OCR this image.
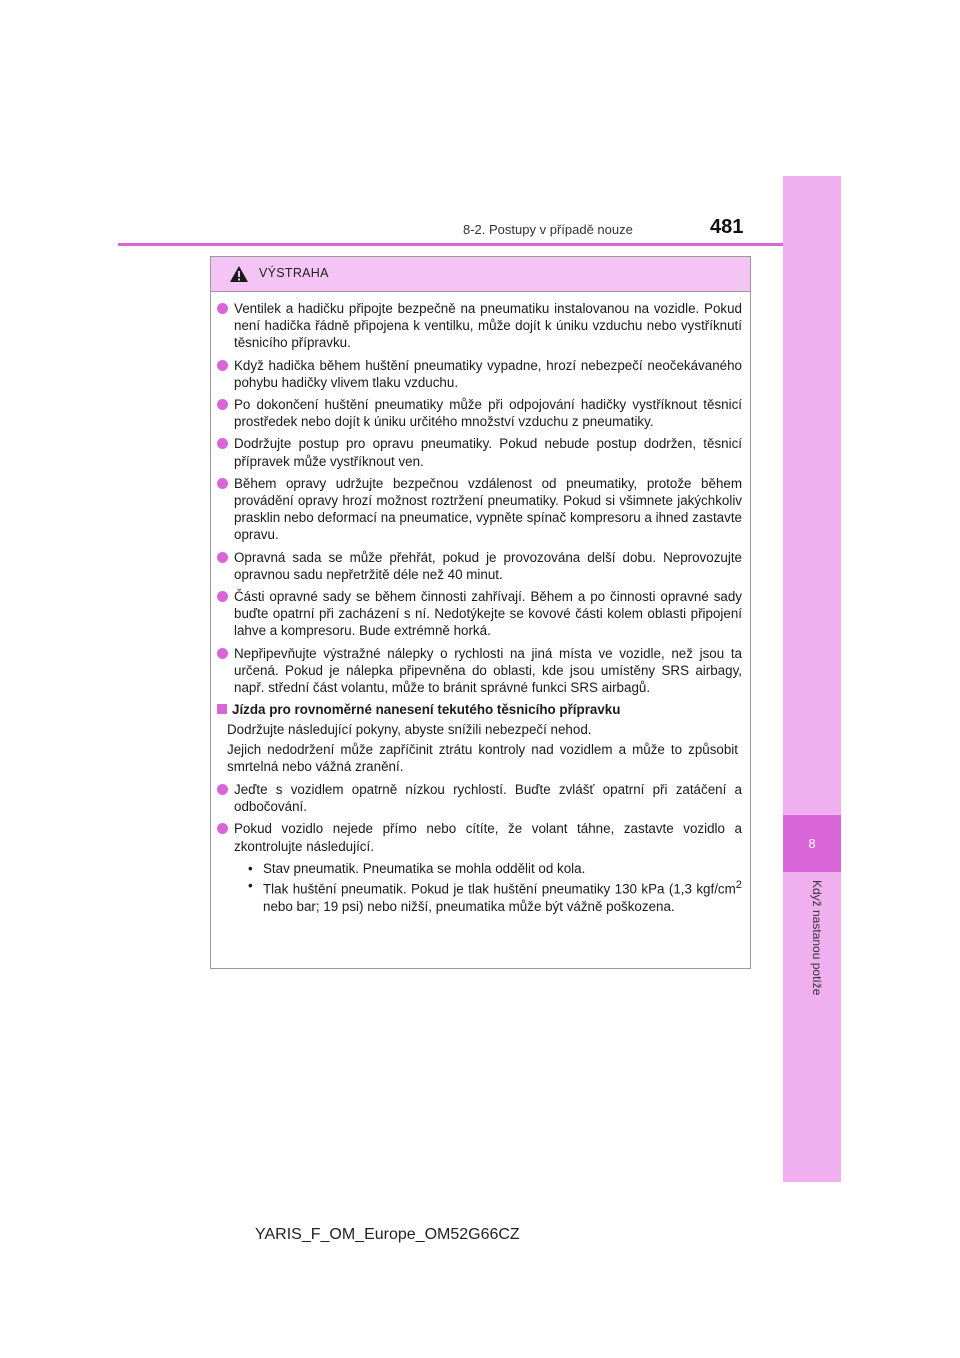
8
Když nastanou potíže
8-2. Postupy v případě nouze	481
VÝSTRAHA
Ventilek a hadičku připojte bezpečně na pneumatiku instalovanou na vozidle. Pokud není hadička řádně připojena k ventilku, může dojít k úniku vzduchu nebo vystříknutí těsnicího přípravku.
Když hadička během huštění pneumatiky vypadne, hrozí nebezpečí neočekávaného pohybu hadičky vlivem tlaku vzduchu.
Po dokončení huštění pneumatiky může při odpojování hadičky vystříknout těsnicí prostředek nebo dojít k úniku určitého množství vzduchu z pneumatiky.
Dodržujte postup pro opravu pneumatiky. Pokud nebude postup dodržen, těsnicí přípravek může vystříknout ven.
Během opravy udržujte bezpečnou vzdálenost od pneumatiky, protože během provádění opravy hrozí možnost roztržení pneumatiky. Pokud si všimnete jakýchkoliv prasklin nebo deformací na pneumatice, vypněte spínač kompresoru a ihned zastavte opravu.
Opravná sada se může přehřát, pokud je provozována delší dobu. Neprovozujte opravnou sadu nepřetržitě déle než 40 minut.
Části opravné sady se během činnosti zahřívají. Během a po činnosti opravné sady buďte opatrní při zacházení s ní. Nedotýkejte se kovové části kolem oblasti připojení lahve a kompresoru. Bude extrémně horká.
Nepřipevňujte výstražné nálepky o rychlosti na jiná místa ve vozidle, než jsou ta určená. Pokud je nálepka připevněna do oblasti, kde jsou umístěny SRS airbagy, např. střední část volantu, může to bránit správné funkci SRS airbagů.
Jízda pro rovnoměrné nanesení tekutého těsnicího přípravku
Dodržujte následující pokyny, abyste snížili nebezpečí nehod.
Jejich nedodržení může zapříčinit ztrátu kontroly nad vozidlem a může to způsobit smrtelná nebo vážná zranění.
Jeďte s vozidlem opatrně nízkou rychlostí. Buďte zvlášť opatrní při zatáčení a odbočování.
Pokud vozidlo nejede přímo nebo cítíte, že volant táhne, zastavte vozidlo a zkontrolujte následující.
• Stav pneumatik. Pneumatika se mohla oddělit od kola.
• Tlak huštění pneumatik. Pokud je tlak huštění pneumatiky 130 kPa (1,3 kgf/$cm^2$ nebo bar; 19 psi) nebo nižší, pneumatika může být vážně poškozena.
YARIS_F_OM_Europe_OM52G66CZ
